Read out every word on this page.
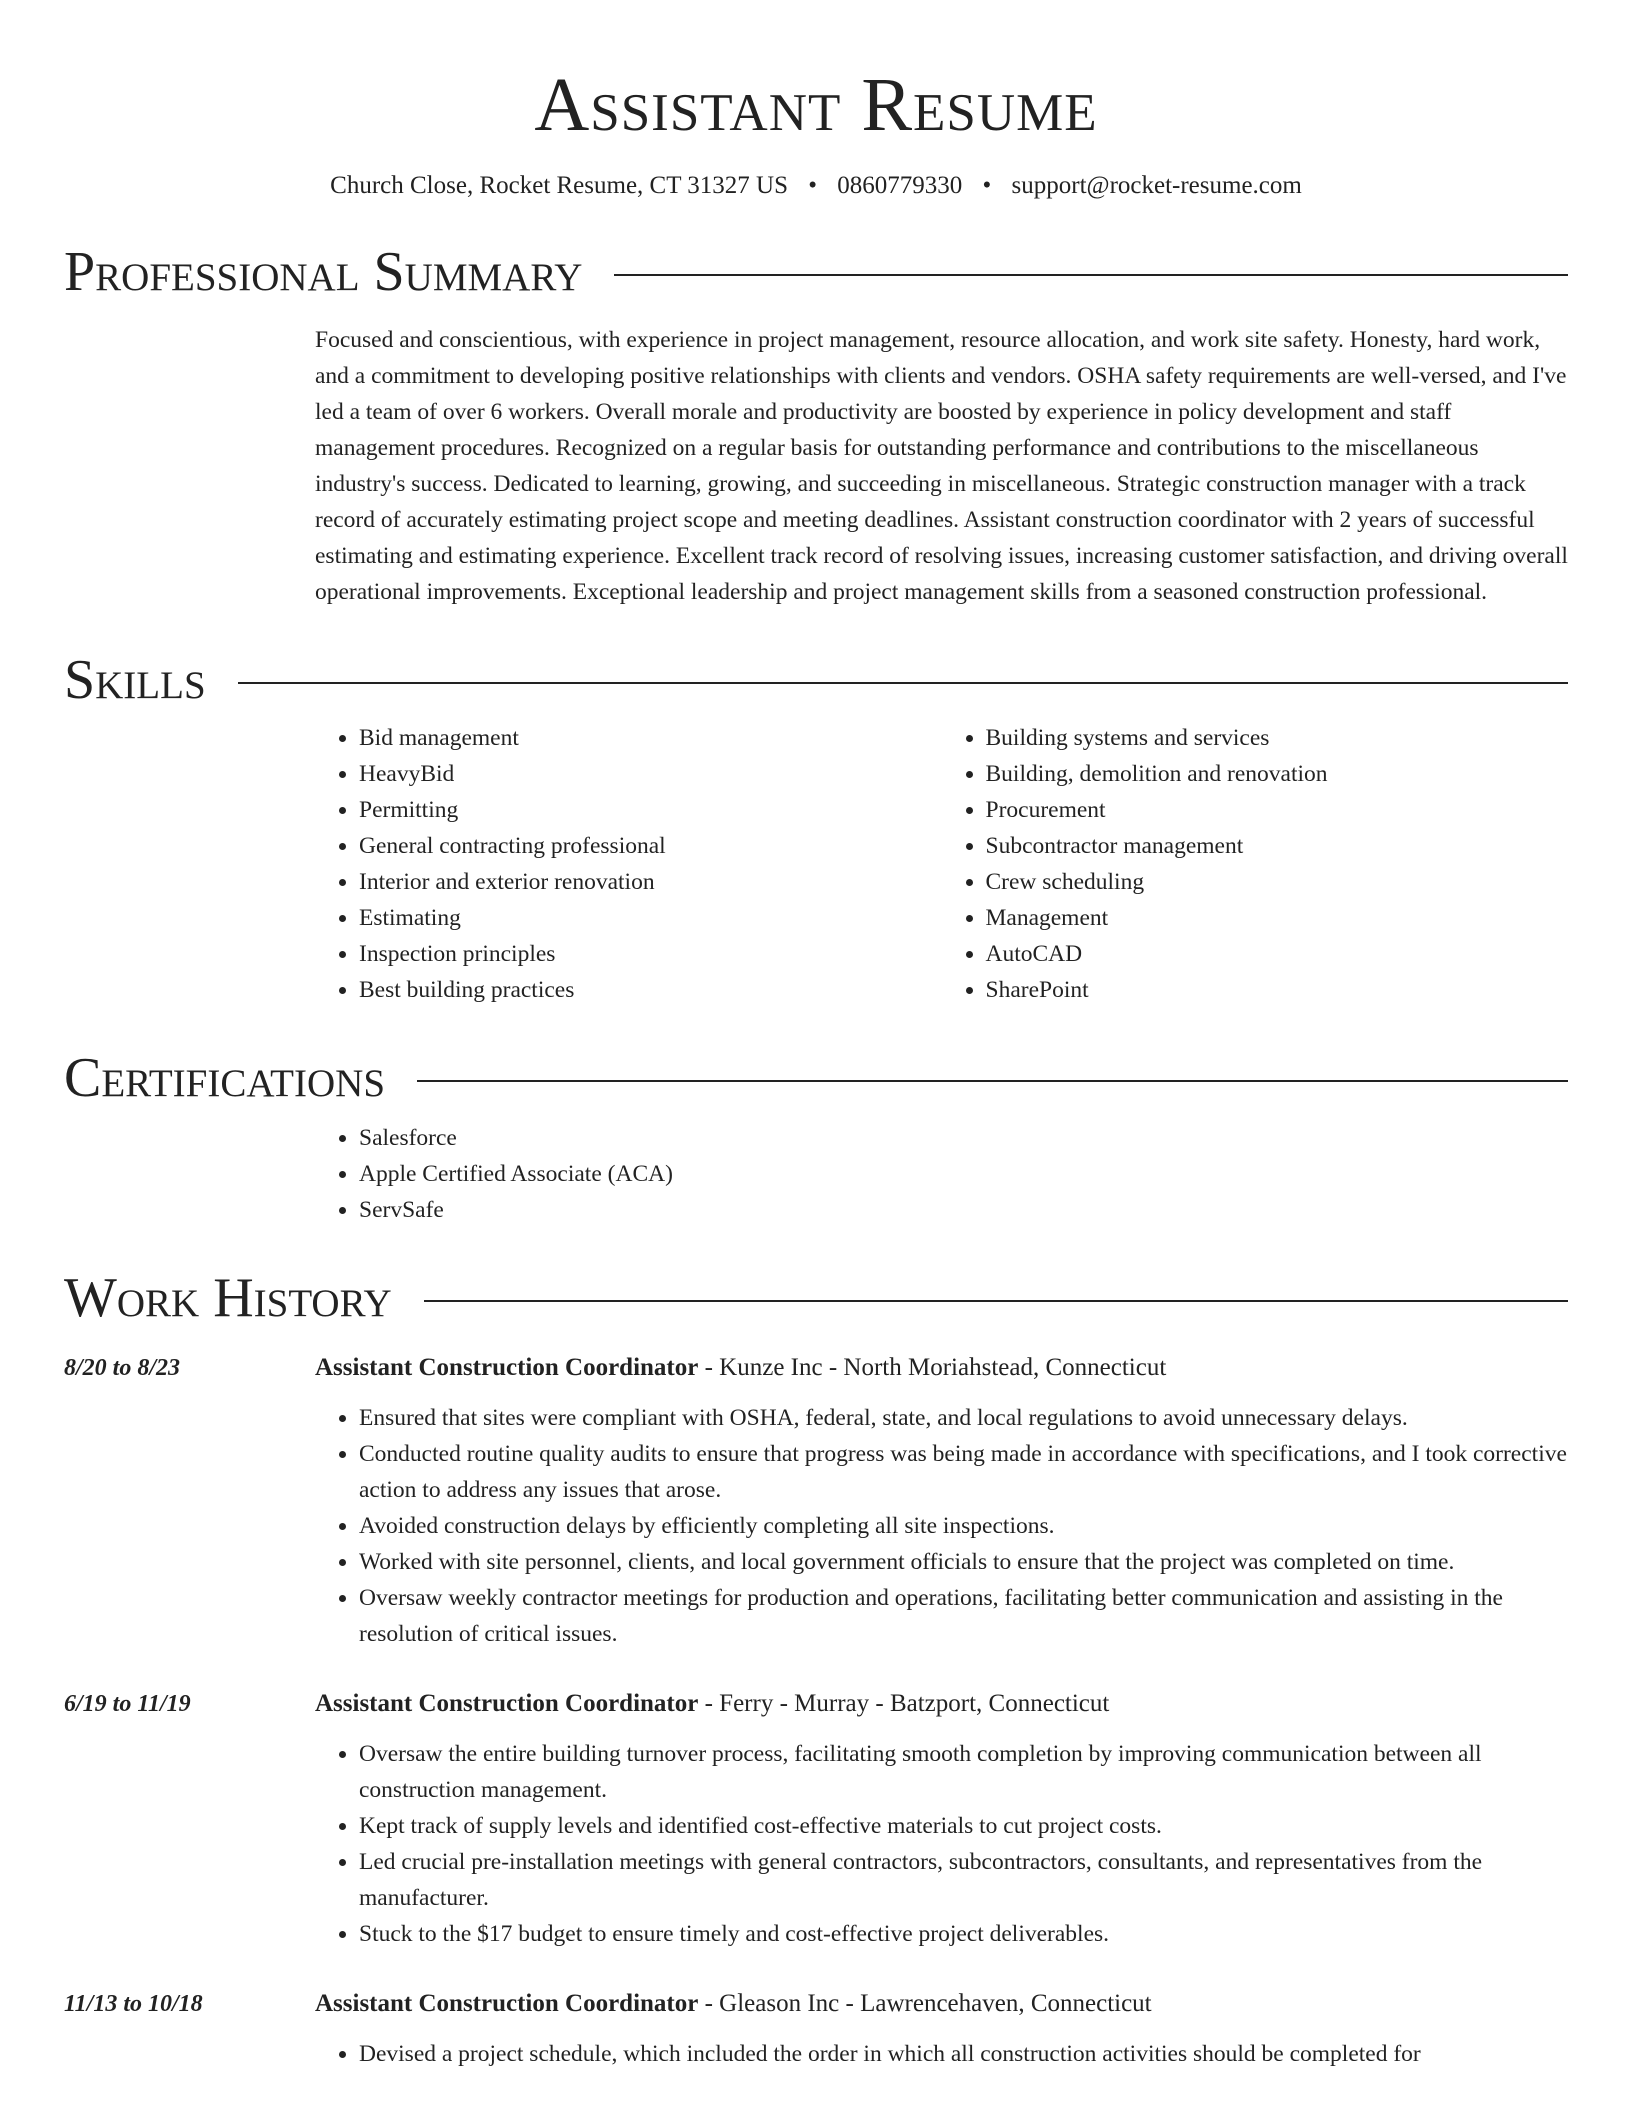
Assistant Resume
Church Close, Rocket Resume, CT 31327 US • 0860779330 • support@rocket-resume.com
Professional Summary

Focused and conscientious, with experience in project management, resource allocation, and work site safety. Honesty, hard work, and a commitment to developing positive relationships with clients and vendors. OSHA safety requirements are well-versed, and I've led a team of over 6 workers. Overall morale and productivity are boosted by experience in policy development and staff management procedures. Recognized on a regular basis for outstanding performance and contributions to the miscellaneous industry's success. Dedicated to learning, growing, and succeeding in miscellaneous. Strategic construction manager with a track record of accurately estimating project scope and meeting deadlines. Assistant construction coordinator with 2 years of successful estimating and estimating experience. Excellent track record of resolving issues, increasing customer satisfaction, and driving overall operational improvements. Exceptional leadership and project management skills from a seasoned construction professional.

Skills
• Bid management
• HeavyBid
• Permitting
• General contracting professional
• Interior and exterior renovation
• Estimating
• Inspection principles
• Best building practices
• Building systems and services
• Building, demolition and renovation
• Procurement
• Subcontractor management
• Crew scheduling
• Management
• AutoCAD
• SharePoint
Certifications
• Salesforce
• Apple Certified Associate (ACA)
• ServSafe
Work History
8/20 to 8/23	Assistant Construction Coordinator - Kunze Inc - North Moriahstead, Connecticut
• Ensured that sites were compliant with OSHA, federal, state, and local regulations to avoid unnecessary delays.
• Conducted routine quality audits to ensure that progress was being made in accordance with specifications, and I took corrective action to address any issues that arose.
• Avoided construction delays by efficiently completing all site inspections.
• Worked with site personnel, clients, and local government officials to ensure that the project was completed on time.
• Oversaw weekly contractor meetings for production and operations, facilitating better communication and assisting in the resolution of critical issues.
6/19 to 11/19	Assistant Construction Coordinator - Ferry - Murray - Batzport, Connecticut
• Oversaw the entire building turnover process, facilitating smooth completion by improving communication between all construction management.
• Kept track of supply levels and identified cost-effective materials to cut project costs.
• Led crucial pre-installation meetings with general contractors, subcontractors, consultants, and representatives from the manufacturer.
• Stuck to the $17 budget to ensure timely and cost-effective project deliverables.
11/13 to 10/18	Assistant Construction Coordinator - Gleason Inc - Lawrencehaven, Connecticut
• Devised a project schedule, which included the order in which all construction activities should be completed for
